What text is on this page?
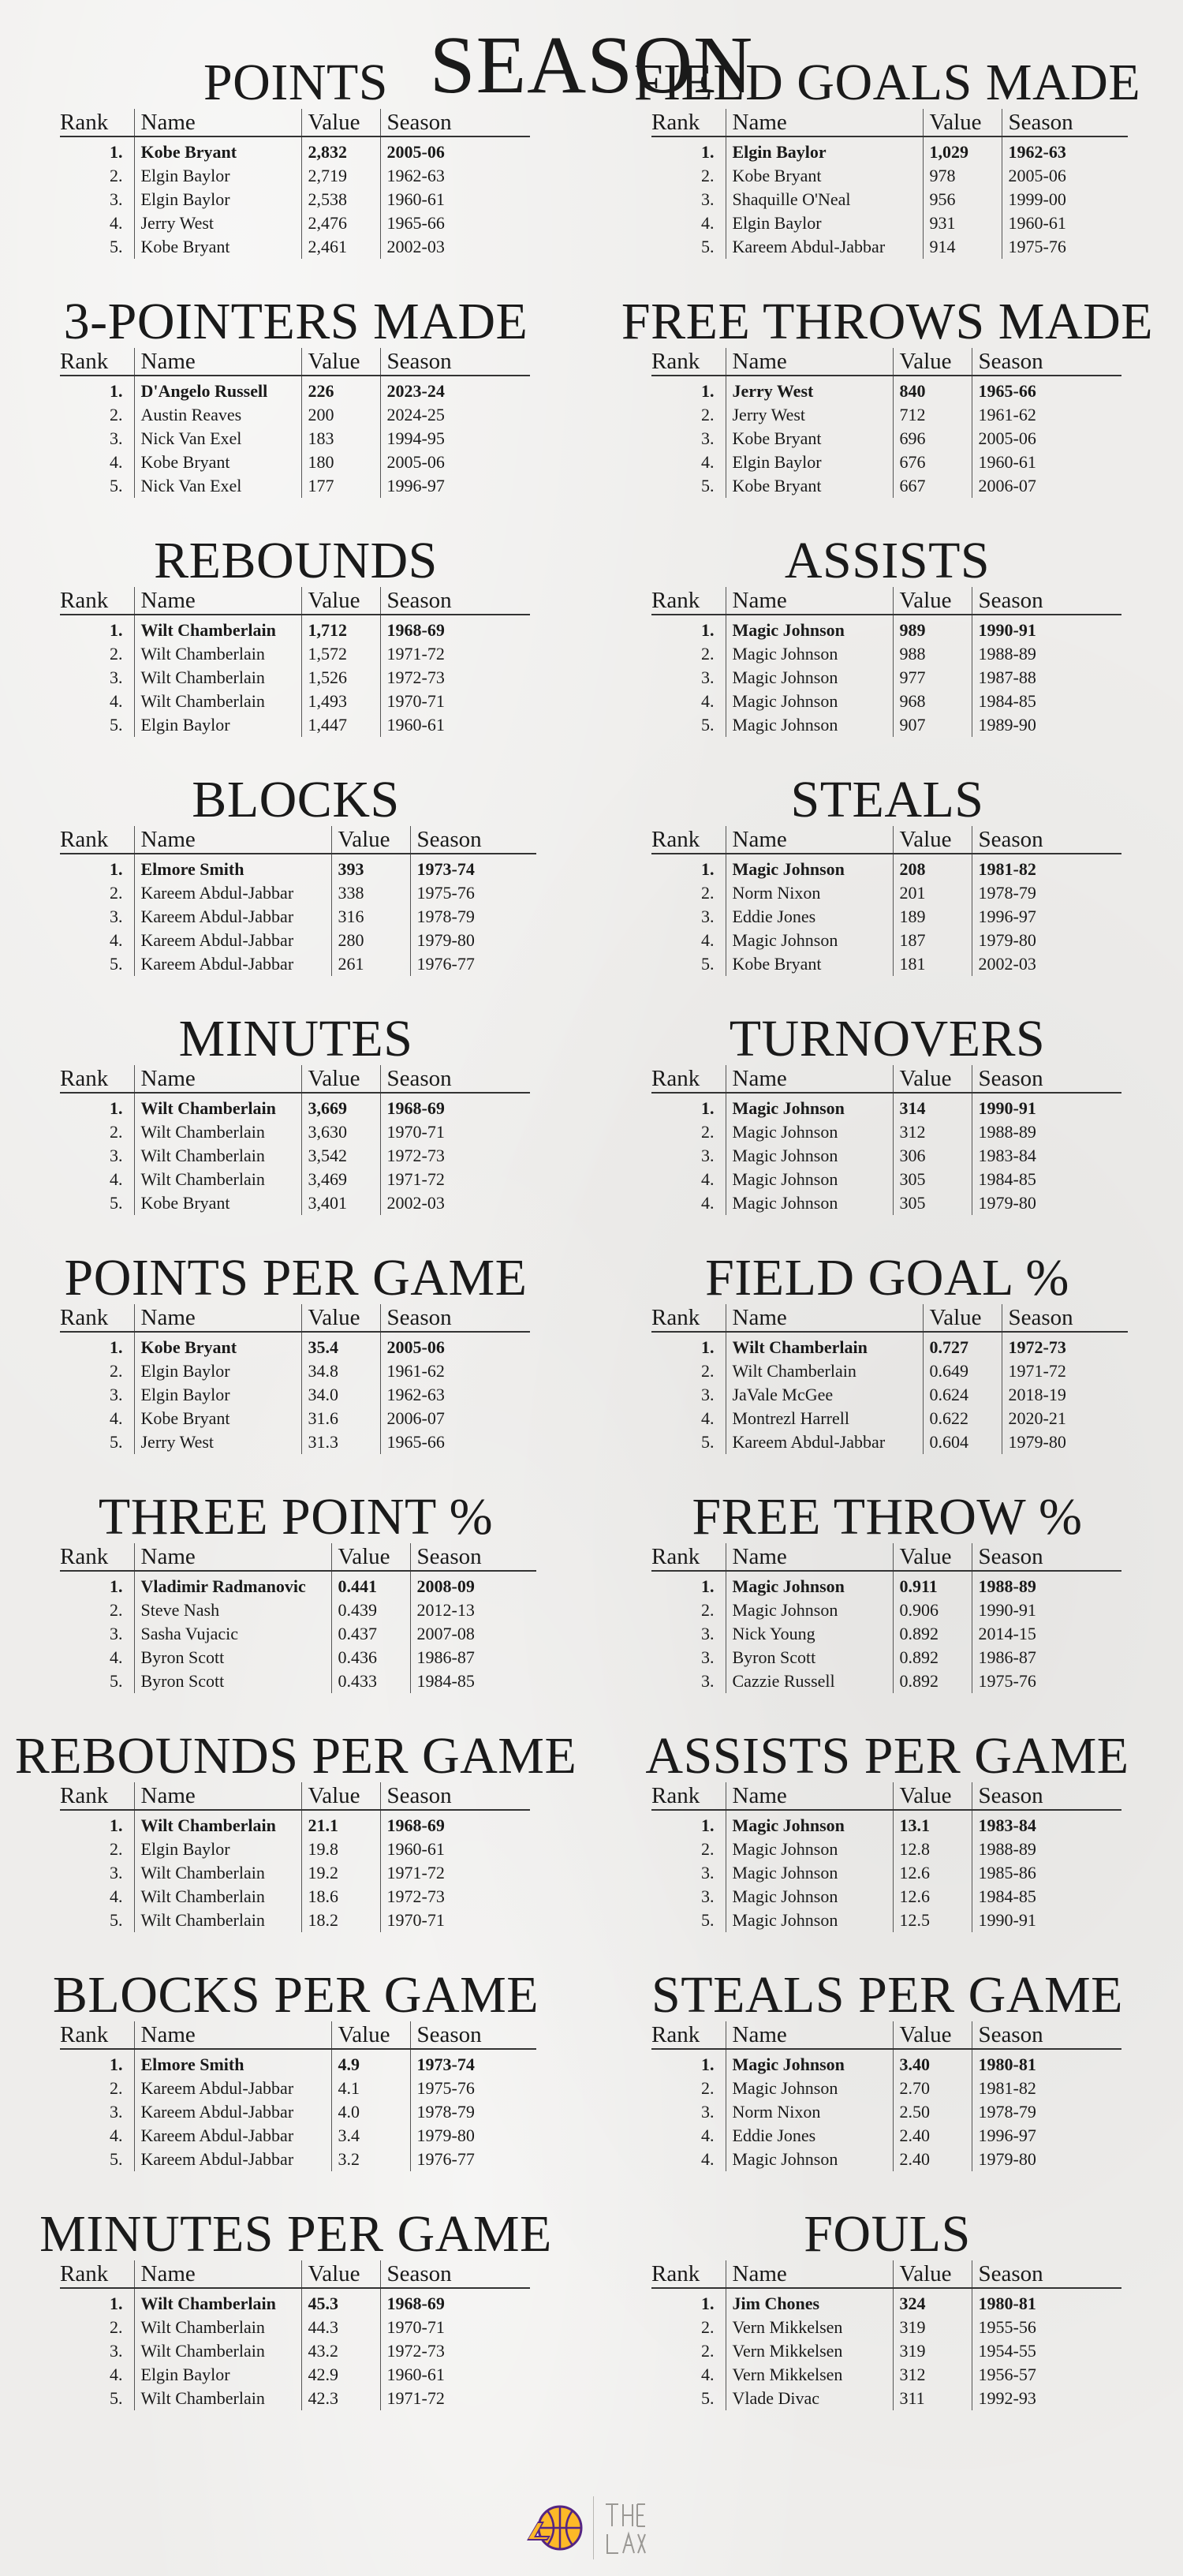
SEASON
POINTS
Rank	Name	Value	Season
1.	Kobe Bryant	2,832	2005-06
2.	Elgin Baylor	2,719	1962-63
3.	Elgin Baylor	2,538	1960-61
4.	Jerry West	2,476	1965-66
5.	Kobe Bryant	2,461	2002-03
FIELD GOALS MADE
Rank	Name	Value	Season
1.	Elgin Baylor	1,029	1962-63
2.	Kobe Bryant	978	2005-06
3.	Shaquille O'Neal	956	1999-00
4.	Elgin Baylor	931	1960-61
5.	Kareem Abdul-Jabbar	914	1975-76
3-POINTERS MADE
Rank	Name	Value	Season
1.	D'Angelo Russell	226	2023-24
2.	Austin Reaves	200	2024-25
3.	Nick Van Exel	183	1994-95
4.	Kobe Bryant	180	2005-06
5.	Nick Van Exel	177	1996-97
FREE THROWS MADE
Rank	Name	Value	Season
1.	Jerry West	840	1965-66
2.	Jerry West	712	1961-62
3.	Kobe Bryant	696	2005-06
4.	Elgin Baylor	676	1960-61
5.	Kobe Bryant	667	2006-07
REBOUNDS
Rank	Name	Value	Season
1.	Wilt Chamberlain	1,712	1968-69
2.	Wilt Chamberlain	1,572	1971-72
3.	Wilt Chamberlain	1,526	1972-73
4.	Wilt Chamberlain	1,493	1970-71
5.	Elgin Baylor	1,447	1960-61
ASSISTS
Rank	Name	Value	Season
1.	Magic Johnson	989	1990-91
2.	Magic Johnson	988	1988-89
3.	Magic Johnson	977	1987-88
4.	Magic Johnson	968	1984-85
5.	Magic Johnson	907	1989-90
BLOCKS
Rank	Name	Value	Season
1.	Elmore Smith	393	1973-74
2.	Kareem Abdul-Jabbar	338	1975-76
3.	Kareem Abdul-Jabbar	316	1978-79
4.	Kareem Abdul-Jabbar	280	1979-80
5.	Kareem Abdul-Jabbar	261	1976-77
STEALS
Rank	Name	Value	Season
1.	Magic Johnson	208	1981-82
2.	Norm Nixon	201	1978-79
3.	Eddie Jones	189	1996-97
4.	Magic Johnson	187	1979-80
5.	Kobe Bryant	181	2002-03
MINUTES
Rank	Name	Value	Season
1.	Wilt Chamberlain	3,669	1968-69
2.	Wilt Chamberlain	3,630	1970-71
3.	Wilt Chamberlain	3,542	1972-73
4.	Wilt Chamberlain	3,469	1971-72
5.	Kobe Bryant	3,401	2002-03
TURNOVERS
Rank	Name	Value	Season
1.	Magic Johnson	314	1990-91
2.	Magic Johnson	312	1988-89
3.	Magic Johnson	306	1983-84
4.	Magic Johnson	305	1984-85
4.	Magic Johnson	305	1979-80
POINTS PER GAME
Rank	Name	Value	Season
1.	Kobe Bryant	35.4	2005-06
2.	Elgin Baylor	34.8	1961-62
3.	Elgin Baylor	34.0	1962-63
4.	Kobe Bryant	31.6	2006-07
5.	Jerry West	31.3	1965-66
FIELD GOAL %
Rank	Name	Value	Season
1.	Wilt Chamberlain	0.727	1972-73
2.	Wilt Chamberlain	0.649	1971-72
3.	JaVale McGee	0.624	2018-19
4.	Montrezl Harrell	0.622	2020-21
5.	Kareem Abdul-Jabbar	0.604	1979-80
THREE POINT %
Rank	Name	Value	Season
1.	Vladimir Radmanovic	0.441	2008-09
2.	Steve Nash	0.439	2012-13
3.	Sasha Vujacic	0.437	2007-08
4.	Byron Scott	0.436	1986-87
5.	Byron Scott	0.433	1984-85
FREE THROW %
Rank	Name	Value	Season
1.	Magic Johnson	0.911	1988-89
2.	Magic Johnson	0.906	1990-91
3.	Nick Young	0.892	2014-15
3.	Byron Scott	0.892	1986-87
3.	Cazzie Russell	0.892	1975-76
REBOUNDS PER GAME
Rank	Name	Value	Season
1.	Wilt Chamberlain	21.1	1968-69
2.	Elgin Baylor	19.8	1960-61
3.	Wilt Chamberlain	19.2	1971-72
4.	Wilt Chamberlain	18.6	1972-73
5.	Wilt Chamberlain	18.2	1970-71
ASSISTS PER GAME
Rank	Name	Value	Season
1.	Magic Johnson	13.1	1983-84
2.	Magic Johnson	12.8	1988-89
3.	Magic Johnson	12.6	1985-86
3.	Magic Johnson	12.6	1984-85
5.	Magic Johnson	12.5	1990-91
BLOCKS PER GAME
Rank	Name	Value	Season
1.	Elmore Smith	4.9	1973-74
2.	Kareem Abdul-Jabbar	4.1	1975-76
3.	Kareem Abdul-Jabbar	4.0	1978-79
4.	Kareem Abdul-Jabbar	3.4	1979-80
5.	Kareem Abdul-Jabbar	3.2	1976-77
STEALS PER GAME
Rank	Name	Value	Season
1.	Magic Johnson	3.40	1980-81
2.	Magic Johnson	2.70	1981-82
3.	Norm Nixon	2.50	1978-79
4.	Eddie Jones	2.40	1996-97
4.	Magic Johnson	2.40	1979-80
MINUTES PER GAME
Rank	Name	Value	Season
1.	Wilt Chamberlain	45.3	1968-69
2.	Wilt Chamberlain	44.3	1970-71
3.	Wilt Chamberlain	43.2	1972-73
4.	Elgin Baylor	42.9	1960-61
5.	Wilt Chamberlain	42.3	1971-72
FOULS
Rank	Name	Value	Season
1.	Jim Chones	324	1980-81
2.	Vern Mikkelsen	319	1955-56
2.	Vern Mikkelsen	319	1954-55
4.	Vern Mikkelsen	312	1956-57
5.	Vlade Divac	311	1992-93
